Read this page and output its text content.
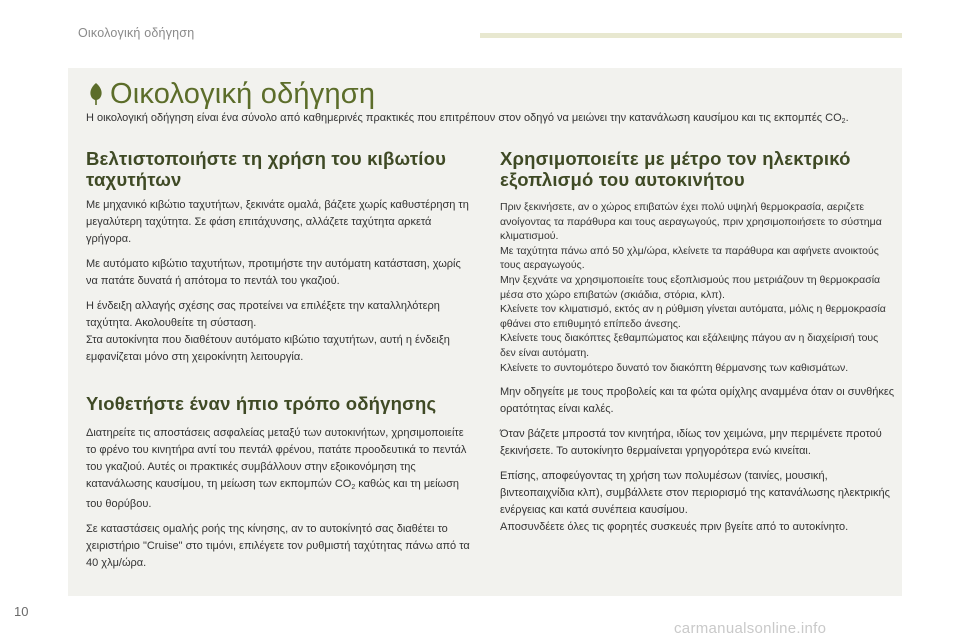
Οικολογική οδήγηση
Οικολογική οδήγηση
Η οικολογική οδήγηση είναι ένα σύνολο από καθημερινές πρακτικές που επιτρέπουν στον οδηγό να μειώνει την κατανάλωση καυσίμου και τις εκπομπές $CO_2$.
Βελτιστοποιήστε τη χρήση του κιβωτίου ταχυτήτων

Με μηχανικό κιβώτιο ταχυτήτων, ξεκινάτε ομαλά, βάζετε χωρίς καθυστέρηση τη μεγαλύτερη ταχύτητα. Σε φάση επιτάχυνσης, αλλάζετε ταχύτητα αρκετά γρήγορα.

Με αυτόματο κιβώτιο ταχυτήτων, προτιμήστε την αυτόματη κατάσταση, χωρίς να πατάτε δυνατά ή απότομα το πεντάλ του γκαζιού.

Η ένδειξη αλλαγής σχέσης σας προτείνει να επιλέξετε την καταλληλότερη ταχύτητα. Ακολουθείτε τη σύσταση.

Στα αυτοκίνητα που διαθέτουν αυτόματο κιβώτιο ταχυτήτων, αυτή η ένδειξη εμφανίζεται μόνο στη χειροκίνητη λειτουργία.

Υιοθετήστε έναν ήπιο τρόπο οδήγησης

Διατηρείτε τις αποστάσεις ασφαλείας μεταξύ των αυτοκινήτων, χρησιμοποιείτε το φρένο του κινητήρα αντί του πεντάλ φρένου, πατάτε προοδευτικά το πεντάλ του γκαζιού. Αυτές οι πρακτικές συμβάλλουν στην εξοικονόμηση της κατανάλωσης καυσίμου, τη μείωση των εκπομπών $CO_2$ καθώς και τη μείωση του θορύβου.

Σε καταστάσεις ομαλής ροής της κίνησης, αν το αυτοκίνητό σας διαθέτει το χειριστήριο "Cruise" στο τιμόνι, επιλέγετε τον ρυθμιστή ταχύτητας πάνω από τα 40 χλμ/ώρα.

Χρησιμοποιείτε με μέτρο τον ηλεκτρικό εξοπλισμό του αυτοκινήτου

Πριν ξεκινήσετε, αν ο χώρος επιβατών έχει πολύ υψηλή θερμοκρασία, αεριζετε ανοίγοντας τα παράθυρα και τους αεραγωγούς, πριν χρησιμοποιήσετε το σύστημα κλιματισμού.

Με ταχύτητα πάνω από 50 χλμ/ώρα, κλείνετε τα παράθυρα και αφήνετε ανοικτούς τους αεραγωγούς.

Μην ξεχνάτε να χρησιμοποιείτε τους εξοπλισμούς που μετριάζουν τη θερμοκρασία μέσα στο χώρο επιβατών (σκιάδια, στόρια, κλπ).

Κλείνετε τον κλιματισμό, εκτός αν η ρύθμιση γίνεται αυτόματα, μόλις η θερμοκρασία φθάνει στο επιθυμητό επίπεδο άνεσης.

Κλείνετε τους διακόπτες ξεθαμπώματος και εξάλειψης πάγου αν η διαχείρισή τους δεν είναι αυτόματη.

Κλείνετε το συντομότερο δυνατό τον διακόπτη θέρμανσης των καθισμάτων.

Μην οδηγείτε με τους προβολείς και τα φώτα ομίχλης αναμμένα όταν οι συνθήκες ορατότητας είναι καλές.

Όταν βάζετε μπροστά τον κινητήρα, ιδίως τον χειμώνα, μην περιμένετε προτού ξεκινήσετε. Το αυτοκίνητο θερμαίνεται γρηγορότερα ενώ κινείται.

Επίσης, αποφεύγοντας τη χρήση των πολυμέσων (ταινίες, μουσική, βιντεοπαιχνίδια κλπ), συμβάλλετε στον περιορισμό της κατανάλωσης ηλεκτρικής ενέργειας και κατά συνέπεια καυσίμου.

Αποσυνδέετε όλες τις φορητές συσκευές πριν βγείτε από το αυτοκίνητο.

10
carmanualsonline.info
